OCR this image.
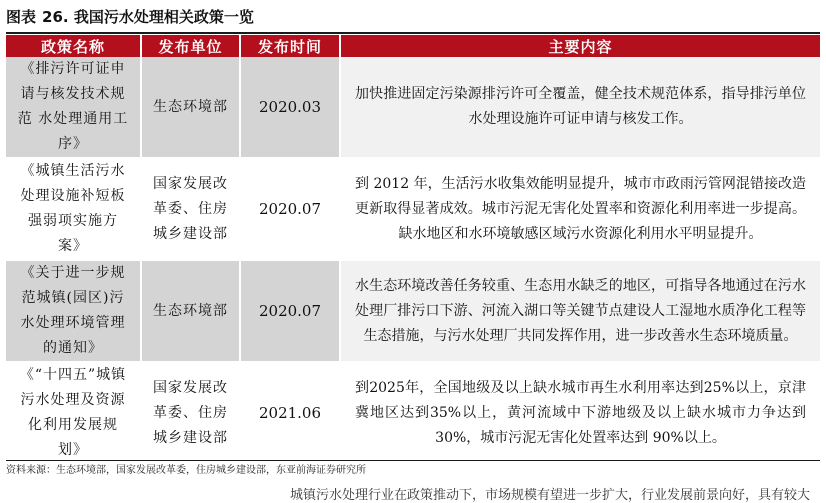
图表 26. 我国污水处理相关政策一览
政策名称	发布单位	发布时间	主要内容
《排污许可证申请与核发技术规范 水处理通用工序》	生态环境部	2020.03	加快推进固定污染源排污许可全覆盖，健全技术规范体系，指导排污单位水处理设施许可证申请与核发工作。
《城镇生活污水处理设施补短板强弱项实施方案》	国家发展改革委、住房城乡建设部	2020.07	到 2012 年，生活污水收集效能明显提升，城市市政雨污管网混错接改造更新取得显著成效。城市污泥无害化处置率和资源化利用率进一步提高。缺水地区和水环境敏感区域污水资源化利用水平明显提升。
《关于进一步规范城镇(园区)污水处理环境管理的通知》	生态环境部	2020.07	水生态环境改善任务较重、生态用水缺乏的地区，可指导各地通过在污水处理厂排污口下游、河流入湖口等关键节点建设人工湿地水质净化工程等生态措施，与污水处理厂共同发挥作用，进一步改善水生态环境质量。
《“十四五”城镇污水处理及资源化利用发展规划》	国家发展改革委、住房城乡建设部	2021.06	到2025年，全国地级及以上缺水城市再生水利用率达到25%以上，京津冀地区达到35%以上，黄河流域中下游地级及以上缺水城市力争达到 30%，城市污泥无害化处置率达到 90%以上。
资料来源：生态环境部，国家发展改革委，住房城乡建设部，东亚前海证券研究所
城镇污水处理行业在政策推动下，市场规模有望进一步扩大，行业发展前景向好，具有较大
